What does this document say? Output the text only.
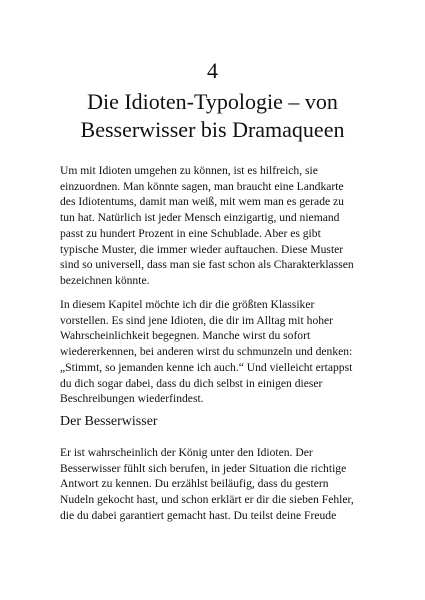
4
Die Idioten-Typologie – von
Besserwisser bis Dramaqueen
Um mit Idioten umgehen zu können, ist es hilfreich, sie
einzuordnen. Man könnte sagen, man braucht eine Landkarte
des Idiotentums, damit man weiß, mit wem man es gerade zu
tun hat. Natürlich ist jeder Mensch einzigartig, und niemand
passt zu hundert Prozent in eine Schublade. Aber es gibt
typische Muster, die immer wieder auftauchen. Diese Muster
sind so universell, dass man sie fast schon als Charakterklassen
bezeichnen könnte.
In diesem Kapitel möchte ich dir die größten Klassiker
vorstellen. Es sind jene Idioten, die dir im Alltag mit hoher
Wahrscheinlichkeit begegnen. Manche wirst du sofort
wiedererkennen, bei anderen wirst du schmunzeln und denken:
„Stimmt, so jemanden kenne ich auch.“ Und vielleicht ertappst
du dich sogar dabei, dass du dich selbst in einigen dieser
Beschreibungen wiederfindest.
Der Besserwisser
Er ist wahrscheinlich der König unter den Idioten. Der
Besserwisser fühlt sich berufen, in jeder Situation die richtige
Antwort zu kennen. Du erzählst beiläufig, dass du gestern
Nudeln gekocht hast, und schon erklärt er dir die sieben Fehler,
die du dabei garantiert gemacht hast. Du teilst deine Freude
